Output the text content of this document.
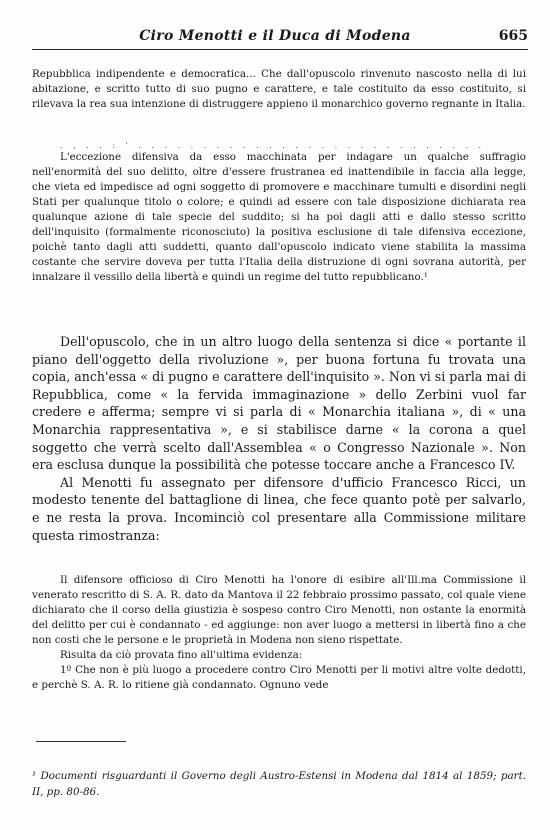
Ciro Menotti e il Duca di Modena	665

Repubblica indipendente e democratica... Che dall'opuscolo rinvenuto nascosto nella di lui abitazione, e scritto tutto di suo pugno e carattere, e tale costituito da esso costituito, si rilevava la rea sua intenzione di distruggere appieno il monarchico governo regnante in Italia.

. , . . : ' . . . . . . . . . . . . . . . . . . . . . . . . . . .

L'eccezione difensiva da esso macchinata per indagare un qualche suffragio nell'enormità del suo delitto, oltre d'essere frustranea ed inattendibile in faccia alla legge, che vieta ed impedisce ad ogni soggetto di promovere e macchinare tumulti e disordini negli Stati per qualunque titolo o colore; e quindi ad essere con tale disposizione dichiarata rea qualunque azione di tale specie del suddito; si ha poi dagli atti e dallo stesso scritto dell'inquisito (formalmente riconosciuto) la positiva esclusione di tale difensiva eccezione, poichè tanto dagli atti suddetti, quanto dall'opuscolo indicato viene stabilita la massima costante che servire doveva per tutta l'Italia della distruzione di ogni sovrana autorità, per innalzare il vessillo della libertà e quindi un regime del tutto repubblicano.¹

Dell'opuscolo, che in un altro luogo della sentenza si dice « portante il piano dell'oggetto della rivoluzione », per buona fortuna fu trovata una copia, anch'essa « di pugno e carattere dell'inquisito ». Non vi si parla mai di Repubblica, come « la fervida immaginazione » dello Zerbini vuol far credere e afferma; sempre vi si parla di « Monarchia italiana », di « una Monarchia rappresentativa », e si stabilisce darne « la corona a quel soggetto che verrà scelto dall'Assemblea « o Congresso Nazionale ». Non era esclusa dunque la possibilità che potesse toccare anche a Francesco IV.

Al Menotti fu assegnato per difensore d'ufficio Francesco Ricci, un modesto tenente del battaglione di linea, che fece quanto potè per salvarlo, e ne resta la prova. Incominciò col presentare alla Commissione militare questa rimostranza:

Il difensore officioso di Ciro Menotti ha l'onore di esibire all'Ill.ma Commissione il venerato rescritto di S. A. R. dato da Mantova il 22 febbraio prossimo passato, col quale viene dichiarato che il corso della giustizia è sospeso contro Ciro Menotti, non ostante la enormità del delitto per cui è condannato - ed aggiunge: non aver luogo a mettersi in libertà fino a che non costi che le persone e le proprietà in Modena non sieno rispettate.

Risulta da ciò provata fino all'ultima evidenza:

1º Che non è più luogo a procedere contro Ciro Menotti per li motivi altre volte dedotti, e perchè S. A. R. lo ritiene già condannato. Ognuno vede

¹ Documenti risguardanti il Governo degli Austro-Estensi in Modena dal 1814 al 1859; part. II, pp. 80-86.
